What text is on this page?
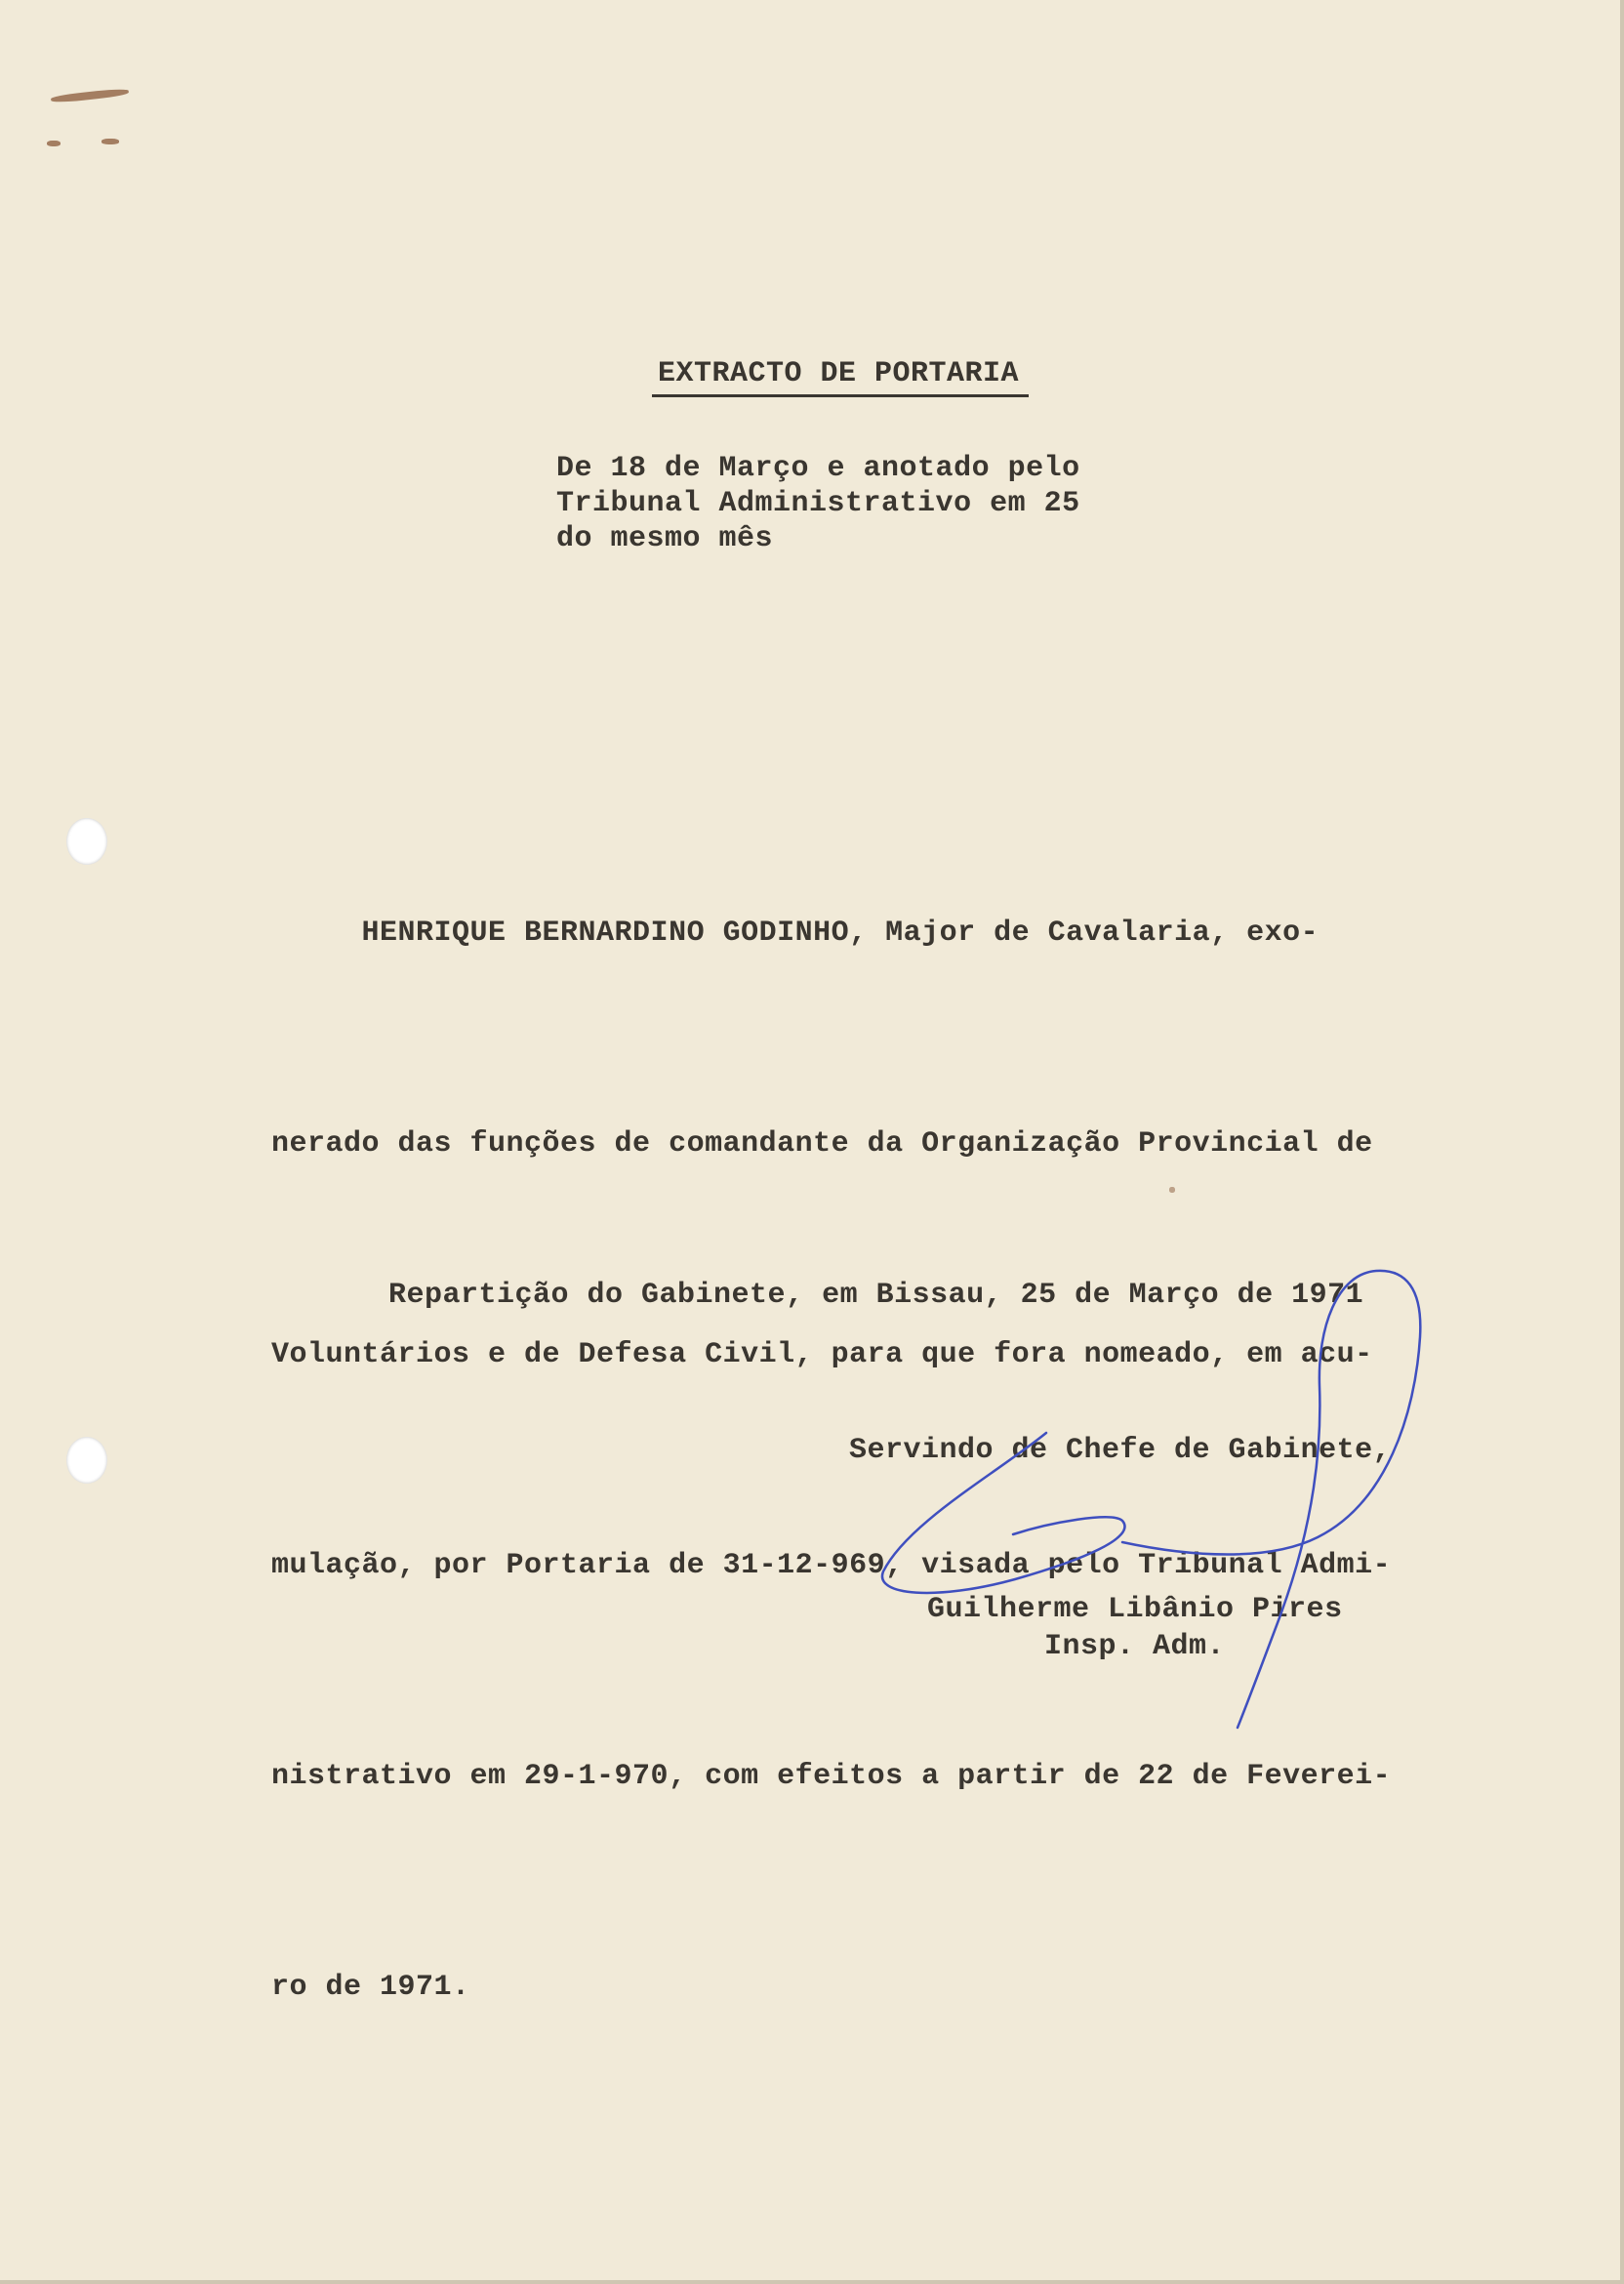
EXTRACTO DE PORTARIA
De 18 de Março e anotado pelo
Tribunal Administrativo em 25
do mesmo mês

HENRIQUE BERNARDINO GODINHO, Major de Cavalaria, exo-

nerado das funções de comandante da Organização Provincial de

Voluntários e de Defesa Civil, para que fora nomeado, em acu-

mulação, por Portaria de 31-12-969, visada pelo Tribunal Admi-

nistrativo em 29-1-970, com efeitos a partir de 22 de Feverei-

ro de 1971.

Repartição do Gabinete, em Bissau, 25 de Março de 1971
Servindo de Chefe de Gabinete,
Guilherme Libânio Pires
Insp. Adm.
